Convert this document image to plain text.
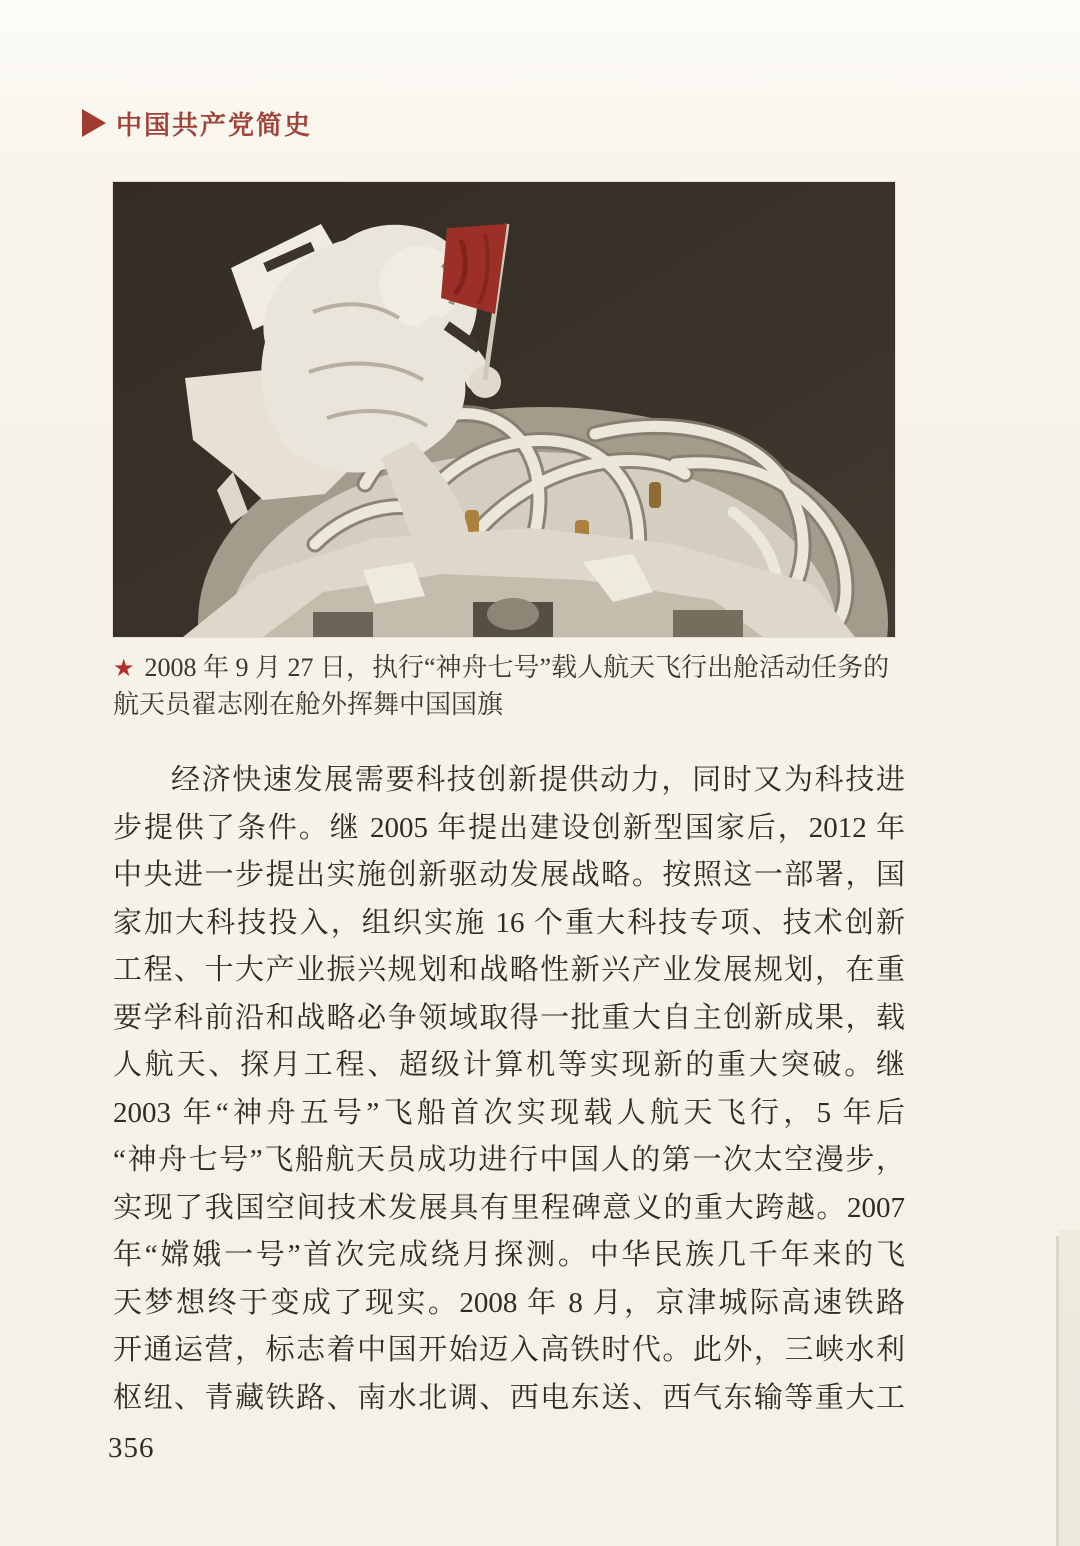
中国共产党简史
★ 2008 年 9 月 27 日，执行“神舟七号”载人航天飞行出舱活动任务的
航天员翟志刚在舱外挥舞中国国旗
经济快速发展需要科技创新提供动力，同时又为科技进
步提供了条件。继 2005 年提出建设创新型国家后，2012 年
中央进一步提出实施创新驱动发展战略。按照这一部署，国
家加大科技投入，组织实施 16 个重大科技专项、技术创新
工程、十大产业振兴规划和战略性新兴产业发展规划，在重
要学科前沿和战略必争领域取得一批重大自主创新成果，载
人航天、探月工程、超级计算机等实现新的重大突破。继
2003 年“神舟五号”飞船首次实现载人航天飞行，5 年后
“神舟七号”飞船航天员成功进行中国人的第一次太空漫步，
实现了我国空间技术发展具有里程碑意义的重大跨越。2007
年“嫦娥一号”首次完成绕月探测。中华民族几千年来的飞
天梦想终于变成了现实。2008 年 8 月，京津城际高速铁路
开通运营，标志着中国开始迈入高铁时代。此外，三峡水利
枢纽、青藏铁路、南水北调、西电东送、西气东输等重大工
356
